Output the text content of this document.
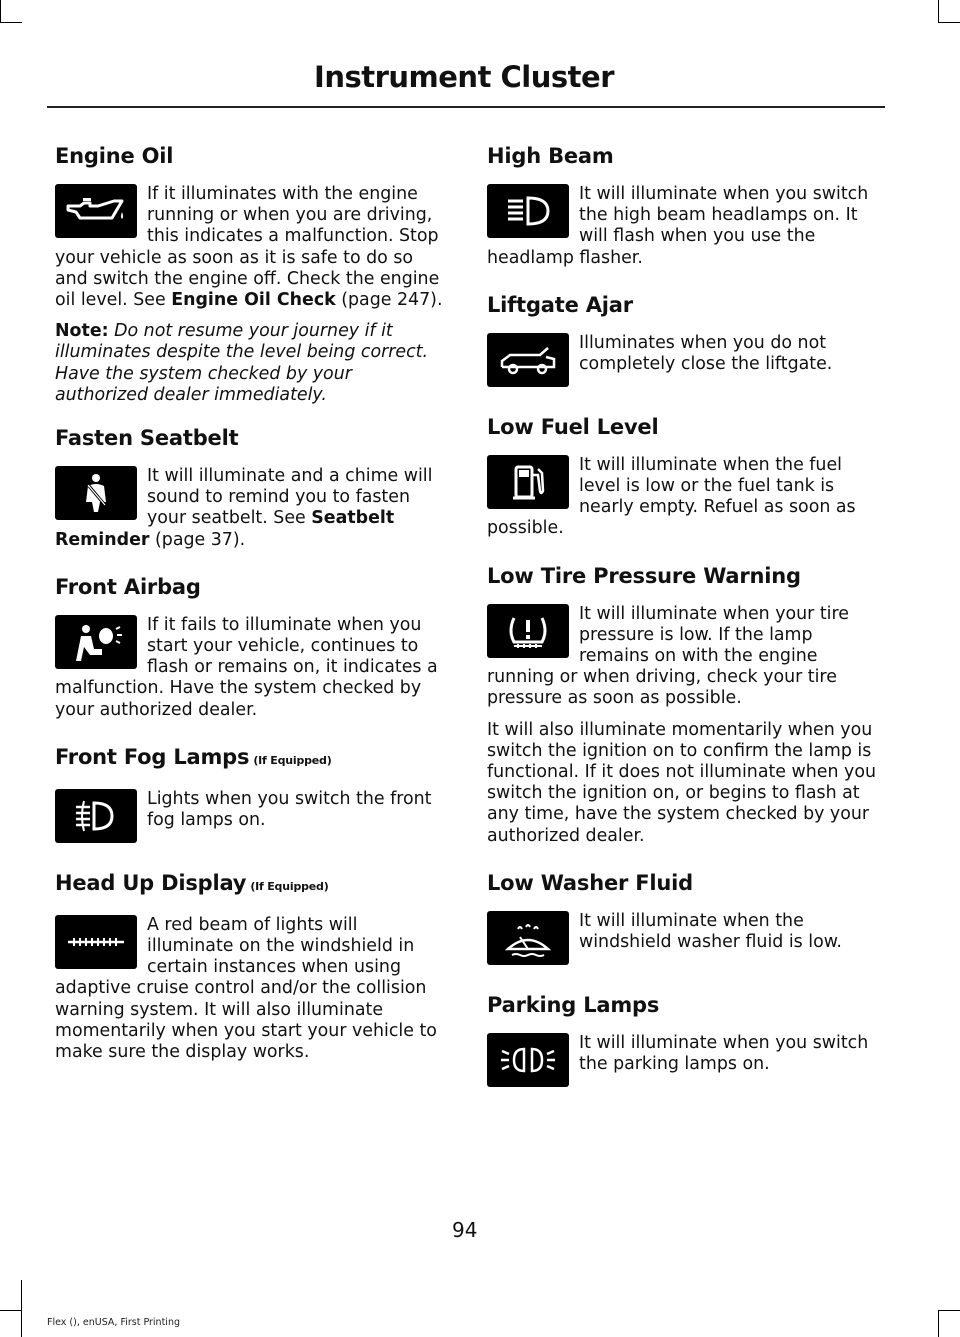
Instrument Cluster
Engine Oil

If it illuminates with the engine running or when you are driving, this indicates a malfunction. Stop your vehicle as soon as it is safe to do so and switch the engine off. Check the engine oil level. See Engine Oil Check (page 247).

Note: Do not resume your journey if it illuminates despite the level being correct. Have the system checked by your authorized dealer immediately.

Fasten Seatbelt

It will illuminate and a chime will sound to remind you to fasten your seatbelt. See Seatbelt Reminder (page 37).

Front Airbag

If it fails to illuminate when you start your vehicle, continues to flash or remains on, it indicates a malfunction. Have the system checked by your authorized dealer.

Front Fog Lamps (If Equipped)

Lights when you switch the front fog lamps on.

Head Up Display (If Equipped)

A red beam of lights will illuminate on the windshield in certain instances when using adaptive cruise control and/or the collision warning system. It will also illuminate momentarily when you start your vehicle to make sure the display works.

High Beam

It will illuminate when you switch the high beam headlamps on. It will flash when you use the headlamp flasher.

Liftgate Ajar

Illuminates when you do not completely close the liftgate.

Low Fuel Level

It will illuminate when the fuel level is low or the fuel tank is nearly empty. Refuel as soon as possible.

Low Tire Pressure Warning

It will illuminate when your tire pressure is low. If the lamp remains on with the engine running or when driving, check your tire pressure as soon as possible.

It will also illuminate momentarily when you switch the ignition on to confirm the lamp is functional. If it does not illuminate when you switch the ignition on, or begins to flash at any time, have the system checked by your authorized dealer.

Low Washer Fluid

It will illuminate when the windshield washer fluid is low.

Parking Lamps

It will illuminate when you switch the parking lamps on.

94
Flex (), enUSA, First Printing
